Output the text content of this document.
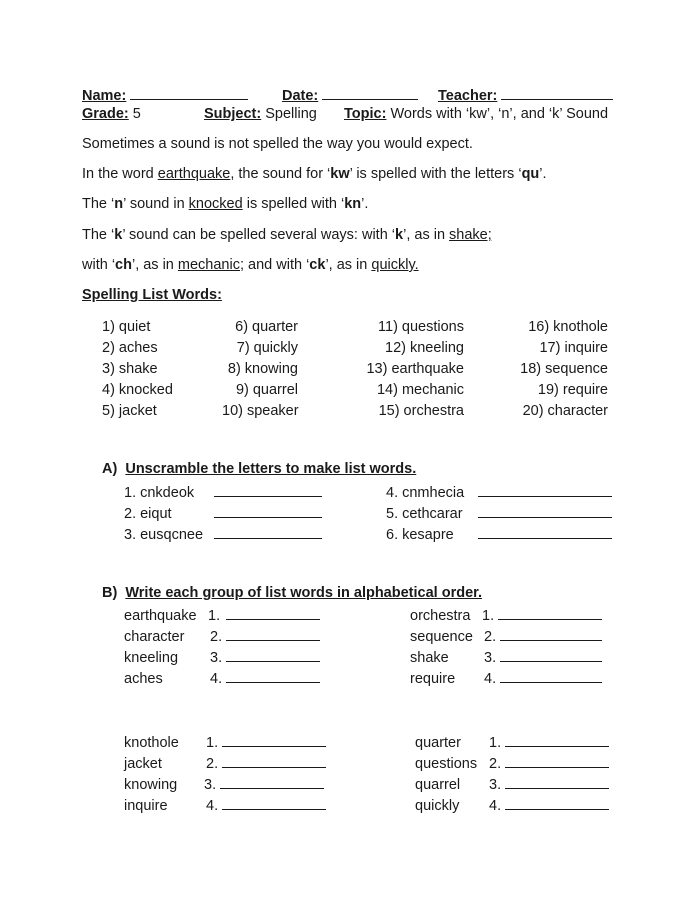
Name:	Date:	Teacher:
Grade: 5	Subject: Spelling Topic: Words with ‘kw’, ‘n’, and ‘k’ Sound
Sometimes a sound is not spelled the way you would expect.
In the word earthquake, the sound for ‘kw’ is spelled with the letters ‘qu’.
The ‘n’ sound in knocked is spelled with ‘kn’.
The ‘k’ sound can be spelled several ways: with ‘k’, as in shake;
with ‘ch’, as in mechanic; and with ‘ck’, as in quickly.
Spelling List Words:
1) quiet
2) aches
3) shake
4) knocked
5) jacket
6) quarter
7) quickly
8) knowing
9) quarrel
10) speaker
11) questions
12) kneeling
13) earthquake
14) mechanic
15) orchestra
16) knothole
17) inquire
18) sequence
19) require
20) character
A) Unscramble the letters to make list words.
1. cnkdeok
2. eiqut
3. eusqcnee
4. cnmhecia
5. cethcarar
6. kesapre
B) Write each group of list words in alphabetical order.
earthquake 1.
character 2.
kneeling 3.
aches	4.
orchestra 1.
sequence 2.
shake 3.
require 4.
knothole 1.
jacket	2.
knowing 3.
inquire	4.
quarter 1.
questions 2.
quarrel 3.
quickly 4.
